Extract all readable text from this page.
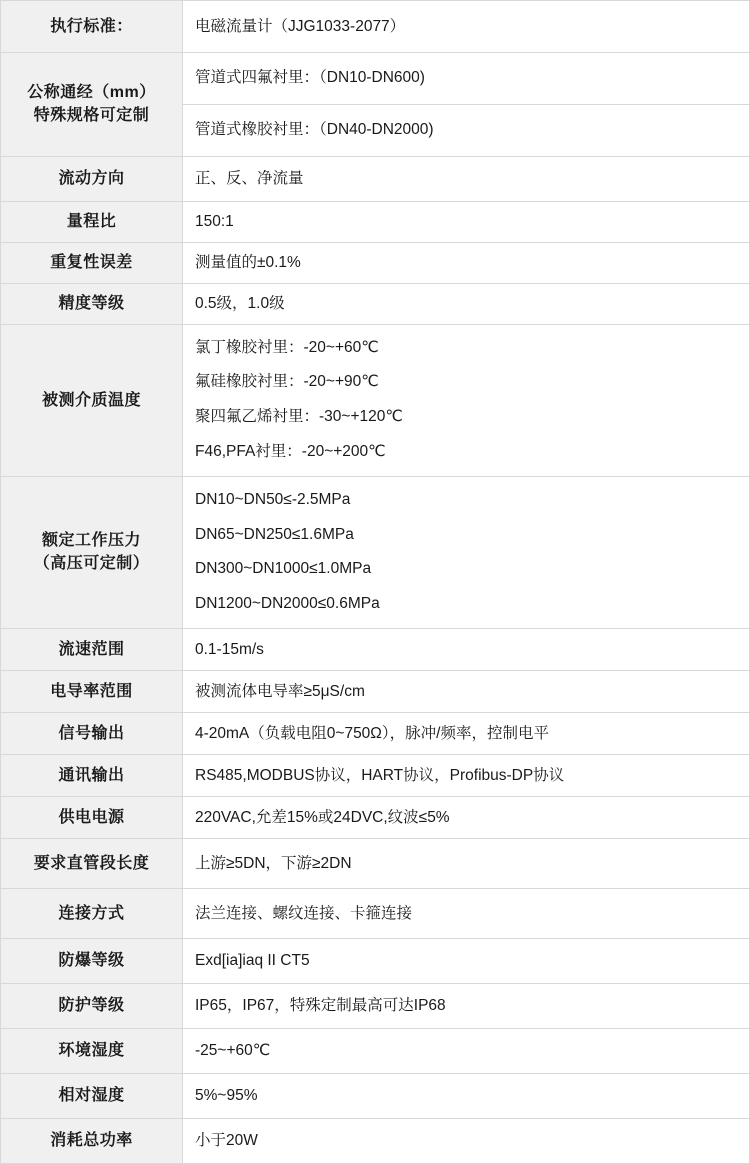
执行标准：	电磁流量计（JJG1033-2077）

公称通经（mm）
特殊规格可定制	管道式四氟衬里：（DN10-DN600)

	管道式橡胶衬里：（DN40-DN2000)

流动方向	正、反、净流量

量程比	150:1

重复性误差	测量值的±0.1%

精度等级	0.5级，1.0级

被测介质温度	氯丁橡胶衬里：-20~+60℃
氟硅橡胶衬里：-20~+90℃
聚四氟乙烯衬里：-30~+120℃
F46,PFA衬里：-20~+200℃

额定工作压力
（高压可定制）	DN10~DN50≤-2.5MPa
DN65~DN250≤1.6MPa
DN300~DN1000≤1.0MPa
DN1200~DN2000≤0.6MPa

流速范围	0.1-15m/s

电导率范围	被测流体电导率≥5μS/cm

信号输出	4-20mA（负载电阻0~750Ω），脉冲/频率，控制电平

通讯输出	RS485,MODBUS协议，HART协议，Profibus-DP协议

供电电源	220VAC,允差15%或24DVC,纹波≤5%

要求直管段长度	上游≥5DN，下游≥2DN

连接方式	法兰连接、螺纹连接、卡箍连接

防爆等级	Exd[ia]iaq II CT5

防护等级	IP65，IP67，特殊定制最高可达IP68

环境湿度	-25~+60℃

相对湿度	5%~95%

消耗总功率	小于20W
